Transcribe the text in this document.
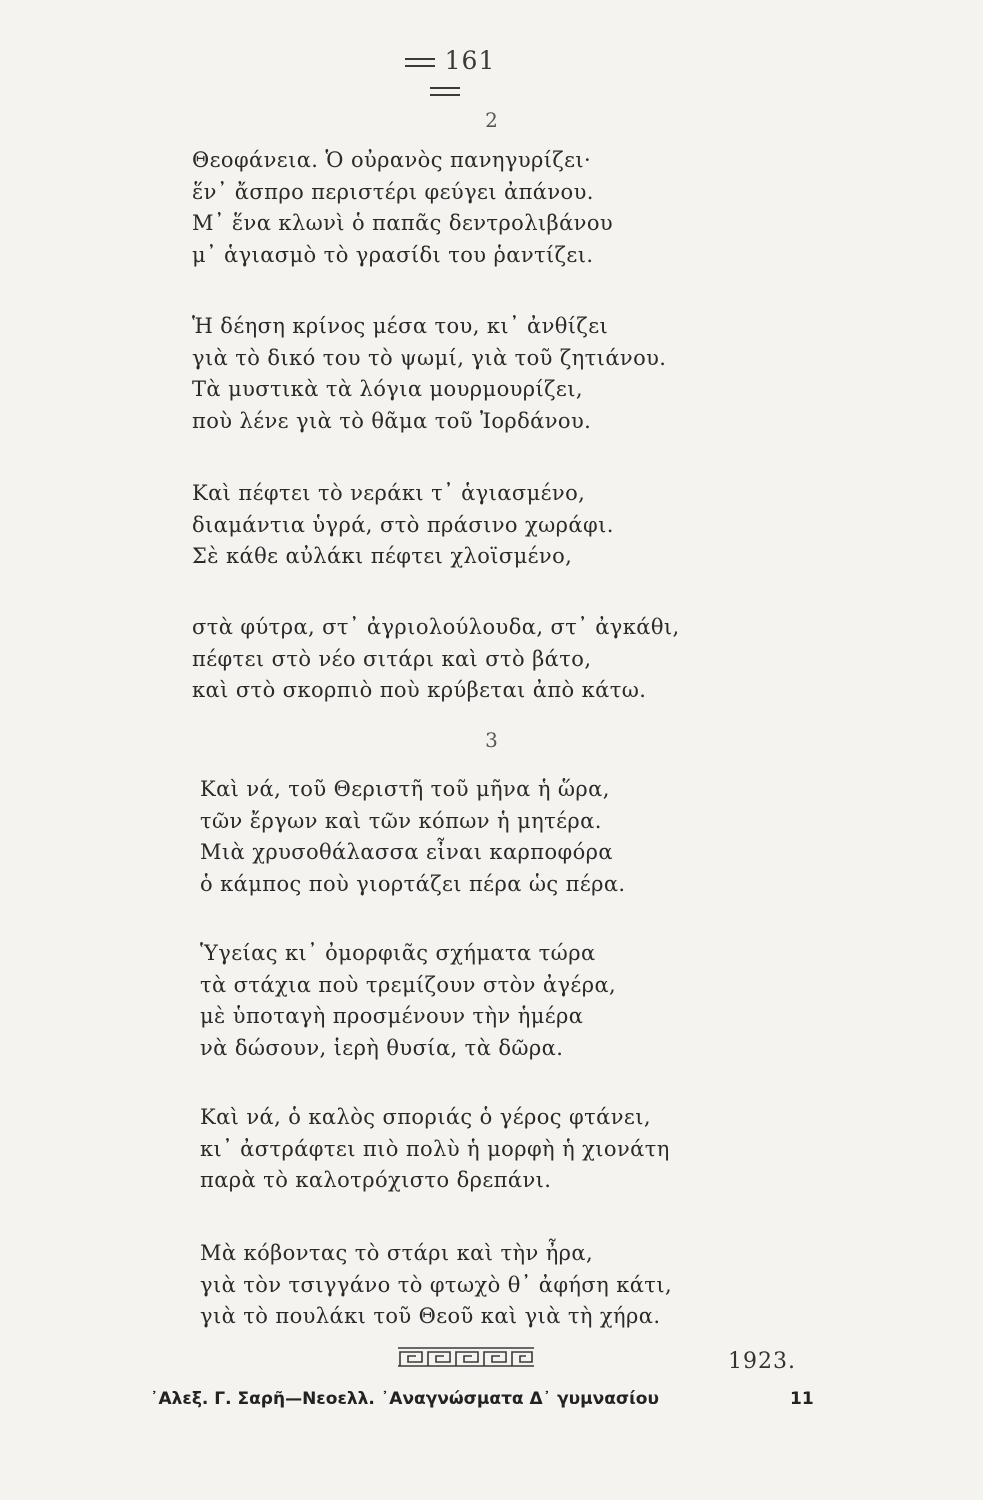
161
2
Θεοφάνεια. Ὁ οὐρανὸς πανηγυρίζει·
ἕν᾿ ἄσπρο περιστέρι φεύγει ἀπάνου.
Μ᾿ ἕνα κλωνὶ ὁ παπᾶς δεντρολιβάνου
μ᾿ ἁγιασμὸ τὸ γρασίδι του ῥαντίζει.
Ἡ δέηση κρίνος μέσα του, κι᾿ ἀνθίζει
γιὰ τὸ δικό του τὸ ψωμί, γιὰ τοῦ ζητιάνου.
Τὰ μυστικὰ τὰ λόγια μουρμουρίζει,
ποὺ λένε γιὰ τὸ θᾶμα τοῦ Ἰορδάνου.
Καὶ πέφτει τὸ νεράκι τ᾿ ἁγιασμένο,
διαμάντια ὑγρά, στὸ πράσινο χωράφι.
Σὲ κάθε αὐλάκι πέφτει χλοϊσμένο,
στὰ φύτρα, στ᾿ ἀγριολούλουδα, στ᾿ ἀγκάθι,
πέφτει στὸ νέο σιτάρι καὶ στὸ βάτο,
καὶ στὸ σκορπιὸ ποὺ κρύβεται ἀπὸ κάτω.
3
Καὶ νά, τοῦ Θεριστῆ τοῦ μῆνα ἡ ὥρα,
τῶν ἔργων καὶ τῶν κόπων ἡ μητέρα.
Μιὰ χρυσοθάλασσα εἶναι καρποφόρα
ὁ κάμπος ποὺ γιορτάζει πέρα ὡς πέρα.
Ὑγείας κι᾿ ὀμορφιᾶς σχήματα τώρα
τὰ στάχια ποὺ τρεμίζουν στὸν ἀγέρα,
μὲ ὑποταγὴ προσμένουν τὴν ἡμέρα
νὰ δώσουν, ἱερὴ θυσία, τὰ δῶρα.
Καὶ νά, ὁ καλὸς σποριάς ὁ γέρος φτάνει,
κι᾿ ἀστράφτει πιὸ πολὺ ἡ μορφὴ ἡ χιονάτη
παρὰ τὸ καλοτρόχιστο δρεπάνι.
Μὰ κόβοντας τὸ στάρι καὶ τὴν ἦρα,
γιὰ τὸν τσιγγάνο τὸ φτωχὸ θ᾿ ἀφήση κάτι,
γιὰ τὸ πουλάκι τοῦ Θεοῦ καὶ γιὰ τὴ χήρα.
1923.
᾿Αλεξ. Γ. Σαρῆ—Νεοελλ. ᾿Αναγνώσματα Δ᾿ γυμνασίου	11
